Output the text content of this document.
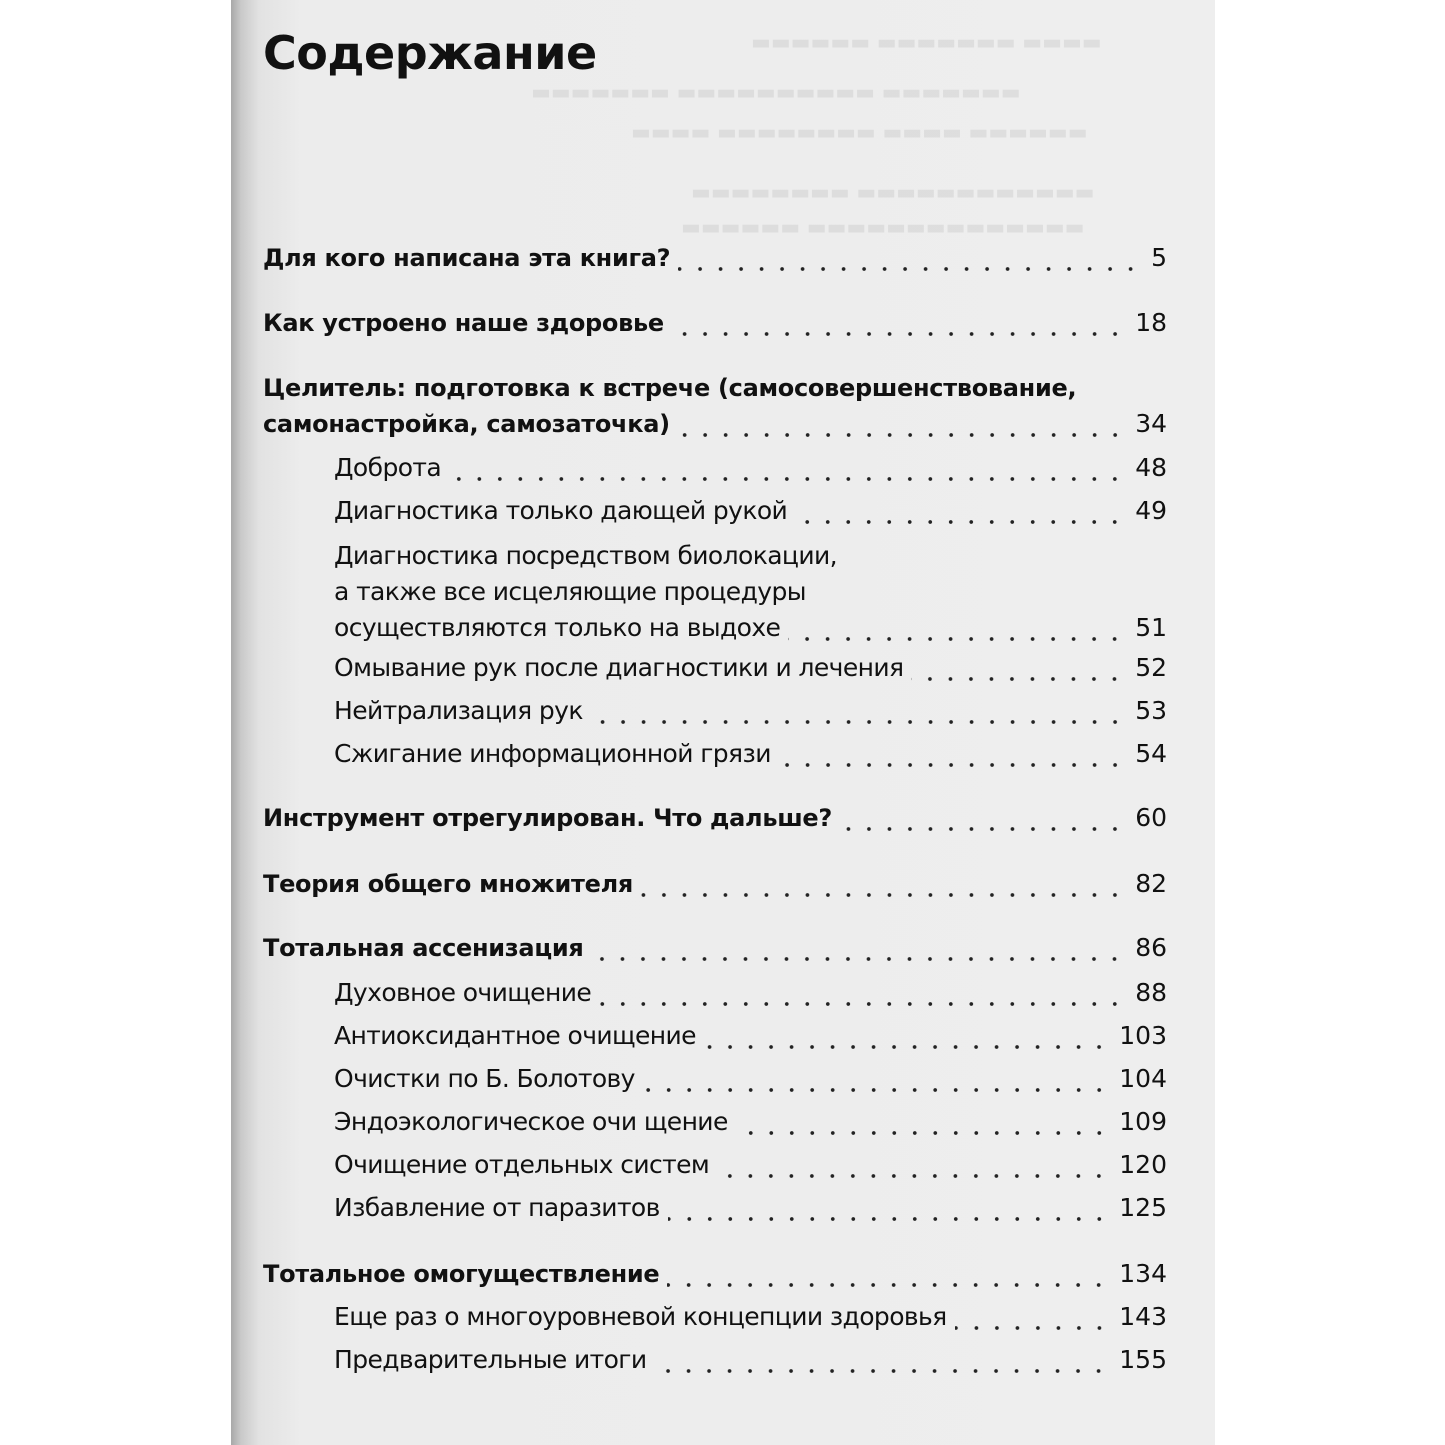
▬▬▬▬▬▬ ▬▬▬▬▬▬▬ ▬▬▬▬
▬▬▬▬▬▬▬ ▬▬▬▬▬▬▬▬▬▬ ▬▬▬▬▬▬▬
▬▬▬▬ ▬▬▬▬▬▬▬▬ ▬▬▬▬ ▬▬▬▬▬▬
▬▬▬▬▬▬▬▬ ▬▬▬▬▬▬▬▬▬▬▬▬
▬▬▬▬▬▬ ▬▬▬▬▬▬▬▬▬▬▬▬▬▬
Содержание
Для кого написана эта книга?	5
Как устроено наше здоровье	18
Целитель: подготовка к встрече (самосовершенствование,
самонастройка, самозаточка)	34
Доброта	48
Диагностика только дающей рукой	49
Диагностика посредством биолокации,
а также все исцеляющие процедуры
осуществляются только на выдохе	51
Омывание рук после диагностики и лечения	52
Нейтрализация рук	53
Сжигание информационной грязи	54
Инструмент отрегулирован. Что дальше?	60
Теория общего множителя	82
Тотальная ассенизация	86
Духовное очищение	88
Антиоксидантное очищение	103
Очистки по Б. Болотову	104
Эндоэкологическое очи щение	109
Очищение отдельных систем	120
Избавление от паразитов	125
Тотальное омогуществление	134
Еще раз о многоуровневой концепции здоровья	143
Предварительные итоги	155
